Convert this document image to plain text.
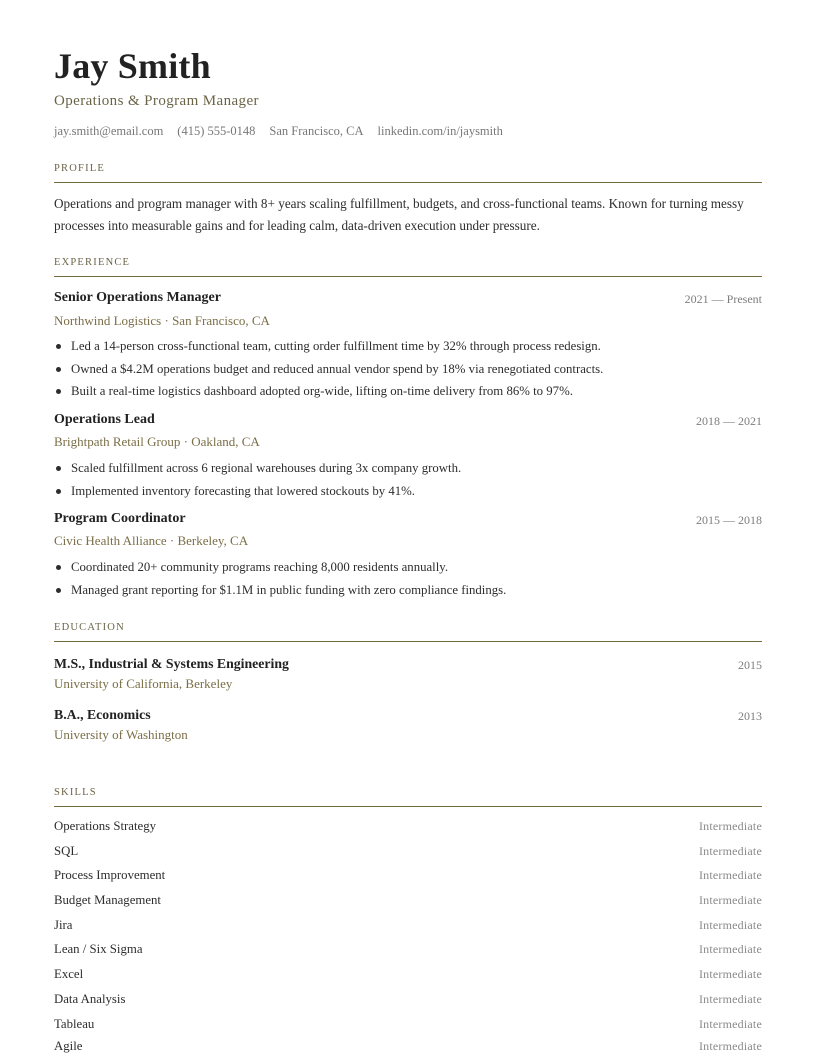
Jay Smith
Operations & Program Manager
jay.smith@email.com (415) 555-0148 San Francisco, CA linkedin.com/in/jaysmith
PROFILE
Operations and program manager with 8+ years scaling fulfillment, budgets, and cross-functional teams. Known for turning messy processes into measurable gains and for leading calm, data-driven execution under pressure.
EXPERIENCE
Senior Operations Manager	2021 — Present
Northwind Logistics · San Francisco, CA
Led a 14-person cross-functional team, cutting order fulfillment time by 32% through process redesign.
Owned a $4.2M operations budget and reduced annual vendor spend by 18% via renegotiated contracts.
Built a real-time logistics dashboard adopted org-wide, lifting on-time delivery from 86% to 97%.
Operations Lead	2018 — 2021
Brightpath Retail Group · Oakland, CA
Scaled fulfillment across 6 regional warehouses during 3x company growth.
Implemented inventory forecasting that lowered stockouts by 41%.
Program Coordinator	2015 — 2018
Civic Health Alliance · Berkeley, CA
Coordinated 20+ community programs reaching 8,000 residents annually.
Managed grant reporting for $1.1M in public funding with zero compliance findings.
EDUCATION
M.S., Industrial & Systems Engineering	2015
University of California, Berkeley
B.A., Economics	2013
University of Washington
SKILLS
Operations Strategy	Intermediate
SQL	Intermediate
Process Improvement	Intermediate
Budget Management	Intermediate
Jira	Intermediate
Lean / Six Sigma	Intermediate
Excel	Intermediate
Data Analysis	Intermediate
Tableau	Intermediate
Agile	Intermediate
